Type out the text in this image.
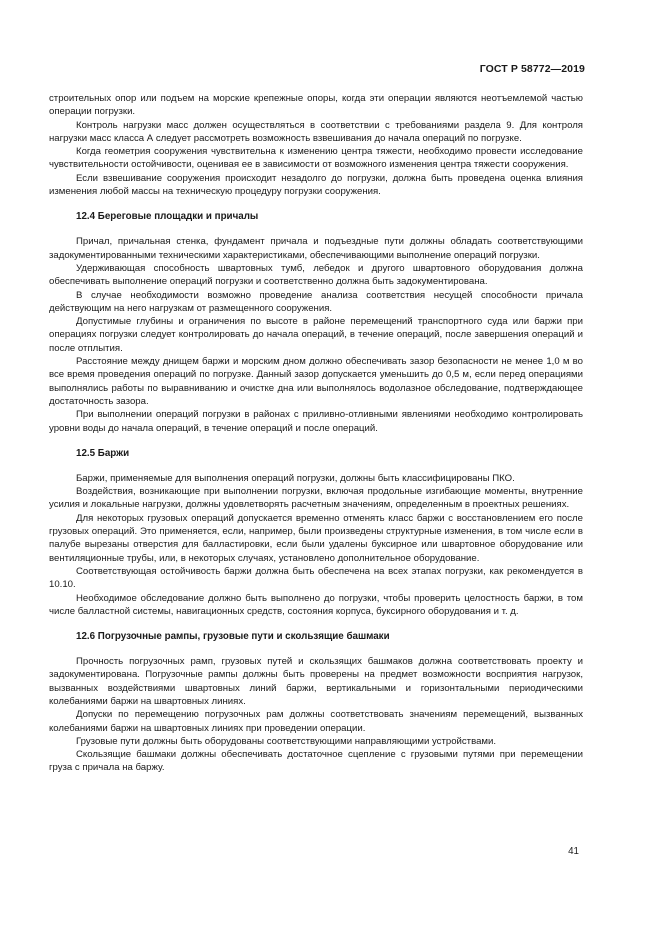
ГОСТ Р 58772—2019

строительных опор или подъем на морские крепежные опоры, когда эти операции являются неотъемлемой частью операции погрузки.

Контроль нагрузки масс должен осуществляться в соответствии с требованиями раздела 9. Для контроля нагрузки масс класса А следует рассмотреть возможность взвешивания до начала операций по погрузке.

Когда геометрия сооружения чувствительна к изменению центра тяжести, необходимо провести исследование чувствительности остойчивости, оценивая ее в зависимости от возможного изменения центра тяжести сооружения.

Если взвешивание сооружения происходит незадолго до погрузки, должна быть проведена оценка влияния изменения любой массы на техническую процедуру погрузки сооружения.

12.4 Береговые площадки и причалы

Причал, причальная стенка, фундамент причала и подъездные пути должны обладать соответствующими задокументированными техническими характеристиками, обеспечивающими выполнение операций погрузки.

Удерживающая способность швартовных тумб, лебедок и другого швартовного оборудования должна обеспечивать выполнение операций погрузки и соответственно должна быть задокументирована.

В случае необходимости возможно проведение анализа соответствия несущей способности причала действующим на него нагрузкам от размещенного сооружения.

Допустимые глубины и ограничения по высоте в районе перемещений транспортного суда или баржи при операциях погрузки следует контролировать до начала операций, в течение операций, после завершения операций и после отплытия.

Расстояние между днищем баржи и морским дном должно обеспечивать зазор безопасности не менее 1,0 м во все время проведения операций по погрузке. Данный зазор допускается уменьшить до 0,5 м, если перед операциями выполнялись работы по выравниванию и очистке дна или выполнялось водолазное обследование, подтверждающее достаточность зазора.

При выполнении операций погрузки в районах с приливно-отливными явлениями необходимо контролировать уровни воды до начала операций, в течение операций и после операций.

12.5 Баржи

Баржи, применяемые для выполнения операций погрузки, должны быть классифицированы ПКО.

Воздействия, возникающие при выполнении погрузки, включая продольные изгибающие моменты, внутренние усилия и локальные нагрузки, должны удовлетворять расчетным значениям, определенным в проектных решениях.

Для некоторых грузовых операций допускается временно отменять класс баржи с восстановлением его после грузовых операций. Это применяется, если, например, были произведены структурные изменения, в том числе если в палубе вырезаны отверстия для балластировки, если были удалены буксирное или швартовное оборудование или вентиляционные трубы, или, в некоторых случаях, установлено дополнительное оборудование.

Соответствующая остойчивость баржи должна быть обеспечена на всех этапах погрузки, как рекомендуется в 10.10.

Необходимое обследование должно быть выполнено до погрузки, чтобы проверить целостность баржи, в том числе балластной системы, навигационных средств, состояния корпуса, буксирного оборудования и т. д.

12.6 Погрузочные рампы, грузовые пути и скользящие башмаки

Прочность погрузочных рамп, грузовых путей и скользящих башмаков должна соответствовать проекту и задокументирована. Погрузочные рампы должны быть проверены на предмет возможности восприятия нагрузок, вызванных воздействиями швартовных линий баржи, вертикальными и горизонтальными периодическими колебаниями баржи на швартовных линиях.

Допуски по перемещению погрузочных рам должны соответствовать значениям перемещений, вызванных колебаниями баржи на швартовных линиях при проведении операции.

Грузовые пути должны быть оборудованы соответствующими направляющими устройствами.

Скользящие башмаки должны обеспечивать достаточное сцепление с грузовыми путями при перемещении груза с причала на баржу.

41
